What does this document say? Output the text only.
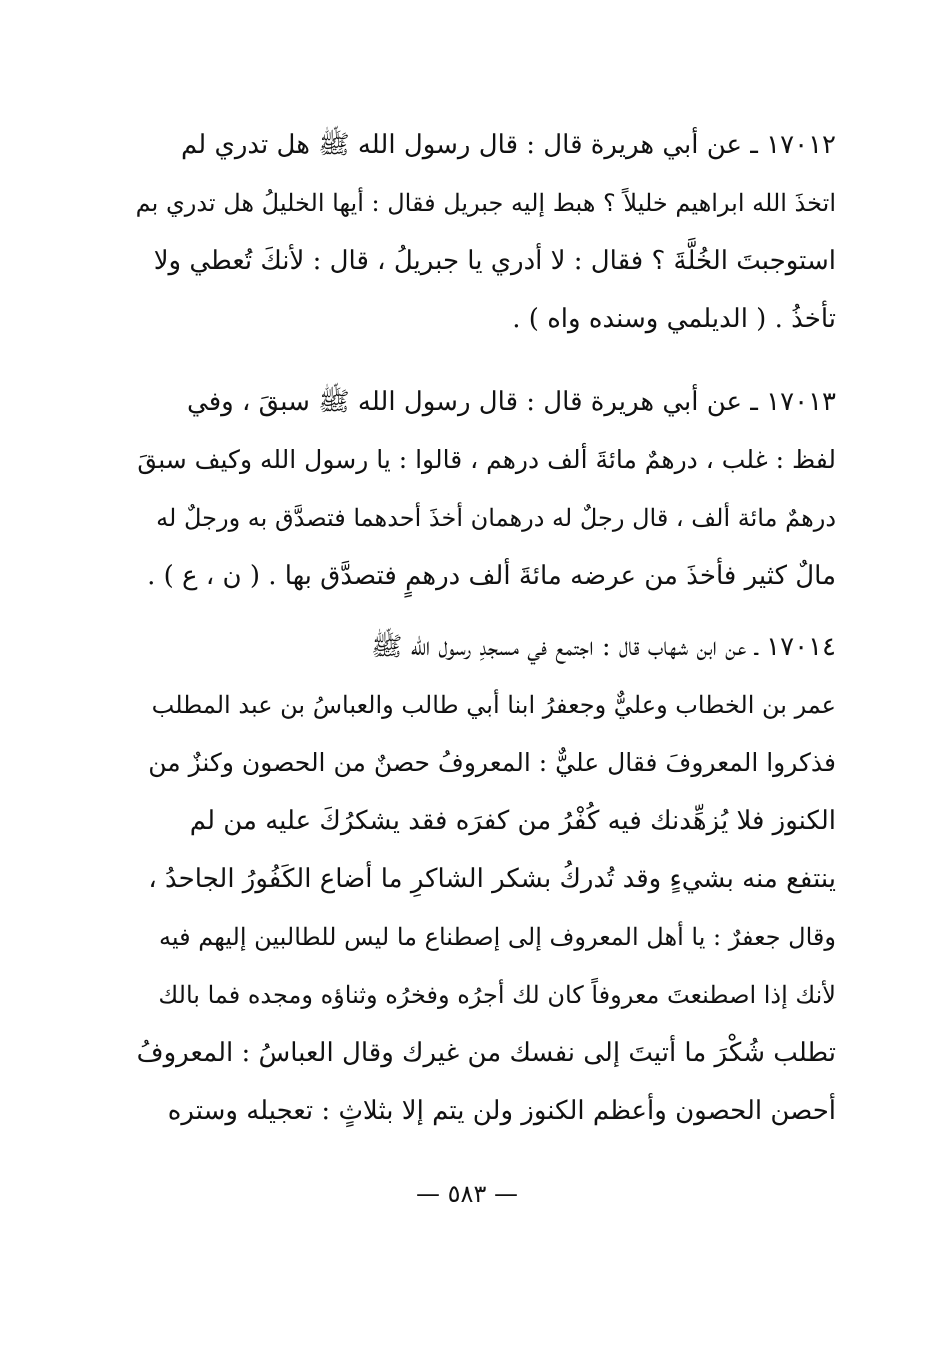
١٧٠١٢ ـ عن أبي هريرة قال : قال رسول الله ﷺ هل تدري لم
اتخذَ الله ابراهيم خليلاً ؟ هبط إليه جبريل فقال : أيها الخليلُ هل تدري بم
استوجبتَ الخُلَّةَ ؟ فقال : لا أدري يا جبريلُ ، قال : لأنكَ تُعطي ولا
تأخذُ . ( الديلمي وسنده واه ) .
١٧٠١٣ ـ عن أبي هريرة قال : قال رسول الله ﷺ سبقَ ، وفي
لفظ : غلب ، درهمٌ مائةَ ألف درهم ، قالوا : يا رسول الله وكيف سبقَ
درهمٌ مائة ألف ، قال رجلٌ له درهمان أخذَ أحدهما فتصدَّق به ورجلٌ له
مالٌ كثير فأخذَ من عرضه مائةَ ألف درهمٍ فتصدَّق بها . ( ن ، ع ) .
١٧٠١٤ ـ عن ابن شهاب قال : اجتمع في مسجدِ رسول الله ﷺ
عمر بن الخطاب وعليٌّ وجعفرُ ابنا أبي طالب والعباسُ بن عبد المطلب
فذكروا المعروفَ فقال عليٌّ : المعروفُ حصنٌ من الحصون وكنزٌ من
الكنوز فلا يُزهِّدنك فيه كُفْرُ من كفرَه فقد يشكرُكَ عليه من لم
ينتفع منه بشيءٍ وقد تُدركُ بشكر الشاكرِ ما أضاع الكَفُورُ الجاحدُ ،
وقال جعفرٌ : يا أهل المعروف إلى إصطناع ما ليس للطالبين إليهم فيه
لأنك إذا اصطنعتَ معروفاً كان لك أجرُه وفخرُه وثناؤه ومجده فما بالك
تطلب شُكْرَ ما أتيتَ إلى نفسك من غيرك وقال العباسُ : المعروفُ
أحصن الحصون وأعظم الكنوز ولن يتم إلا بثلاثٍ : تعجيله وستره
— ٥٨٣ —
